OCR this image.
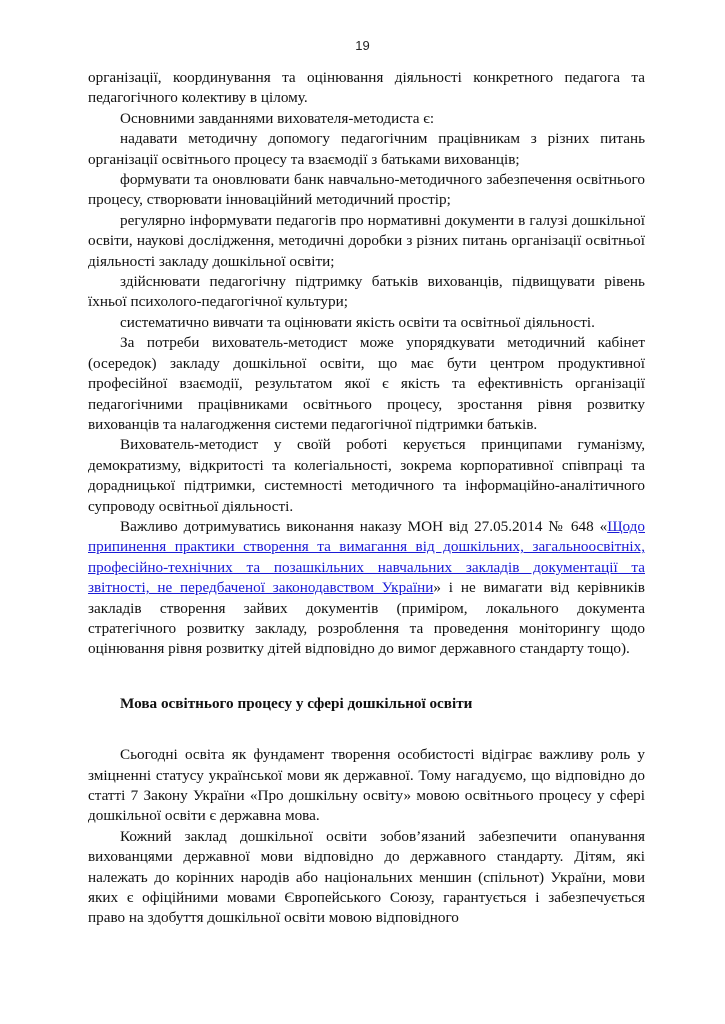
19

організації, координування та оцінювання діяльності конкретного педагога та педагогічного колективу в цілому.

Основними завданнями вихователя-методиста є:

надавати методичну допомогу педагогічним працівникам з різних питань організації освітнього процесу та взаємодії з батьками вихованців;

формувати та оновлювати банк навчально-методичного забезпечення освітнього процесу, створювати інноваційний методичний простір;

регулярно інформувати педагогів про нормативні документи в галузі дошкільної освіти, наукові дослідження, методичні доробки з різних питань організації освітньої діяльності закладу дошкільної освіти;

здійснювати педагогічну підтримку батьків вихованців, підвищувати рівень їхньої психолого-педагогічної культури;

систематично вивчати та оцінювати якість освіти та освітньої діяльності.

За потреби вихователь-методист може упорядкувати методичний кабінет (осередок) закладу дошкільної освіти, що має бути центром продуктивної професійної взаємодії, результатом якої є якість та ефективність організації педагогічними працівниками освітнього процесу, зростання рівня розвитку вихованців та налагодження системи педагогічної підтримки батьків.

Вихователь-методист у своїй роботі керується принципами гуманізму, демократизму, відкритості та колегіальності, зокрема корпоративної співпраці та дорадницької підтримки, системності методичного та інформаційно-аналітичного супроводу освітньої діяльності.

Важливо дотримуватись виконання наказу МОН від 27.05.2014 № 648 «Щодо припинення практики створення та вимагання від дошкільних, загальноосвітніх, професійно-технічних та позашкільних навчальних закладів документації та звітності, не передбаченої законодавством України» і не вимагати від керівників закладів створення зайвих документів (приміром, локального документа стратегічного розвитку закладу, розроблення та проведення моніторингу щодо оцінювання рівня розвитку дітей відповідно до вимог державного стандарту тощо).

Мова освітнього процесу у сфері дошкільної освіти

Сьогодні освіта як фундамент творення особистості відіграє важливу роль у зміцненні статусу української мови як державної. Тому нагадуємо, що відповідно до статті 7 Закону України «Про дошкільну освіту» мовою освітнього процесу у сфері дошкільної освіти є державна мова.

Кожний заклад дошкільної освіти зобов’язаний забезпечити опанування вихованцями державної мови відповідно до державного стандарту. Дітям, які належать до корінних народів або національних меншин (спільнот) України, мови яких є офіційними мовами Європейського Союзу, гарантується і забезпечується право на здобуття дошкільної освіти мовою відповідного
